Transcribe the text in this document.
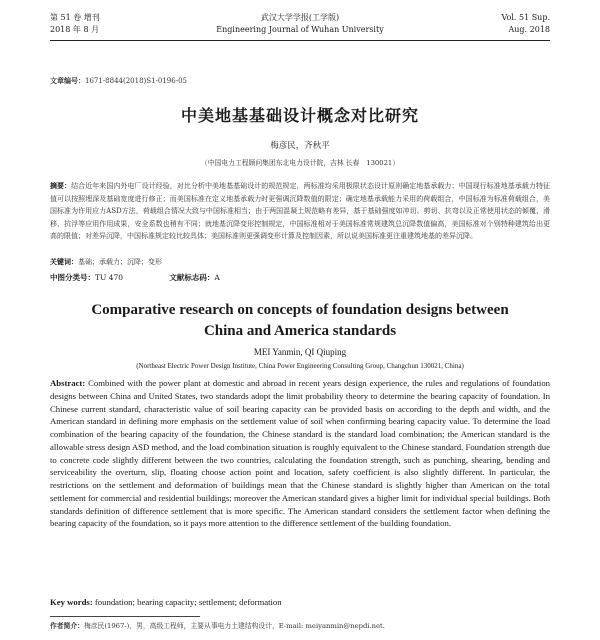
第 51 卷 增刊
2018 年 8 月
武汉大学学报(工学版)
Engineering Journal of Wuhan University
Vol. 51 Sup.
Aug. 2018
文章编号：1671-8844(2018)S1-0196-05
中美地基基础设计概念对比研究
梅彦民，齐秋平
（中国电力工程顾问集团东北电力设计院，吉林 长春　130021）
摘要：结合近年来国内外电厂设计经验，对比分析中美地基基础设计的规范规定，两标准均采用极限状态设计原则确定地基承载力；中国现行标准地基承载力特征值可以按照埋深及基础宽度进行修正；而美国标准在定义地基承载力时更强调沉降数值的限定；确定地基承载能力采用的荷载组合，中国标准为标准荷载组合，美国标准为许用应力ASD方法，荷载组合情况大致与中国标准相当；由于两国混凝土规范略有差异，基于基础强度如冲切、剪切、抗弯以及正常使用状态的倾覆、滑移、抗浮等应用作用成果，安全系数也稍有不同；就地基沉降变形控制规定，中国标准相对于美国标准常规建筑总沉降数值偏高，美国标准对个别特种建筑给出更高的限值；对差异沉降，中国标准规定较比较具体；美国标准则更强调变形计算及控制因素，所以说美国标准更注重建筑地基的差异沉降。
关键词：基础；承载力；沉降；变形
中图分类号：TU 470	文献标志码：A
Comparative research on concepts of foundation designs between
China and America standards
MEI Yanmin, QI Qiuping
(Northeast Electric Power Design Institute, China Power Engineering Consulting Group, Changchun 130021, China)
Abstract: Combined with the power plant at domestic and abroad in recent years design experience, the rules and regulations of foundation designs between China and United States, two standards adopt the limit probability theory to determine the bearing capacity of foundation. In Chinese current standard, characteristic value of soil bearing capacity can be provided basis on according to the depth and width, and the American standard in defining more emphasis on the settlement value of soil when confirming bearing capacity value. To determine the load combination of the bearing capacity of the foundation, the Chinese standard is the standard load combination; the American standard is the allowable stress design ASD method, and the load combination situation is roughly equivalent to the Chinese standard. Foundation strength due to concrete code slightly different between the two countries, calculating the foundation strength, such as punching, shearing, bending and serviceability the overturn, slip, floating choose action point and location, safety coefficient is also slightly different. In particular, the restrictions on the settlement and deformation of buildings mean that the Chinese standard is slightly higher than American on the total settlement for commercial and residential buildings; moreover the American standard gives a higher limit for individual special buildings. Both standards definition of difference settlement that is more specific. The American standard considers the settlement factor when defining the bearing capacity of the foundation, so it pays more attention to the difference settlement of the building foundation.
Key words: foundation; bearing capacity; settlement; deformation
作者简介：梅彦民(1967-)，男，高级工程师，主要从事电力土建结构设计，E-mail: meiyanmin@nepdi.net.
